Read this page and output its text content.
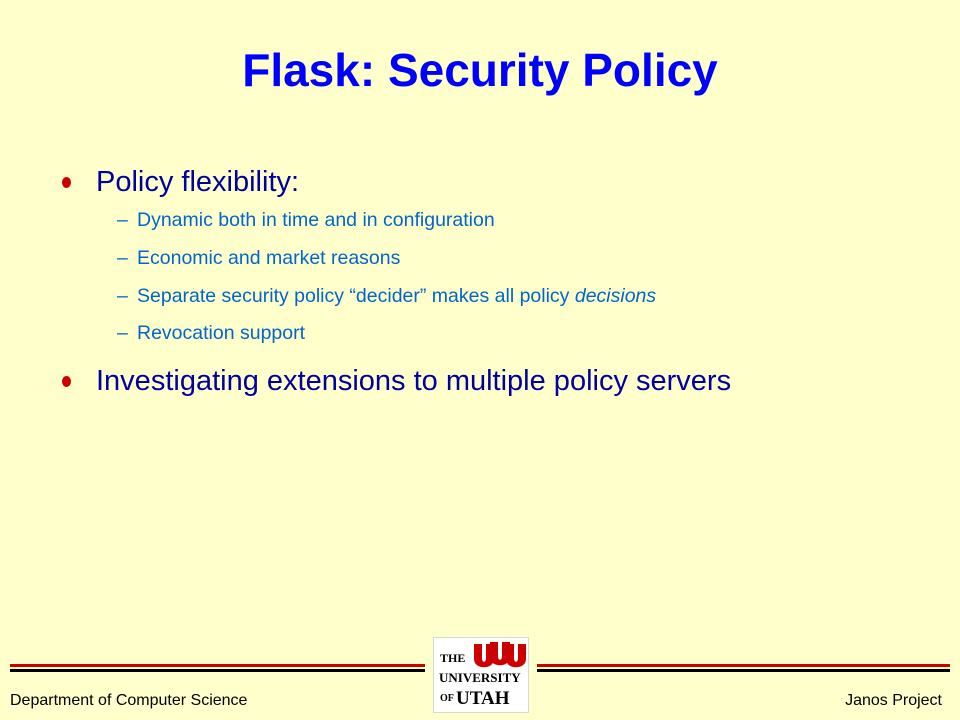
Flask: Security Policy
Policy flexibility:
– Dynamic both in time and in configuration
– Economic and market reasons
– Separate security policy “decider” makes all policy decisions
– Revocation support
Investigating extensions to multiple policy servers
THE
UNIVERSITY
OF UTAH
Department of Computer Science	Janos Project
